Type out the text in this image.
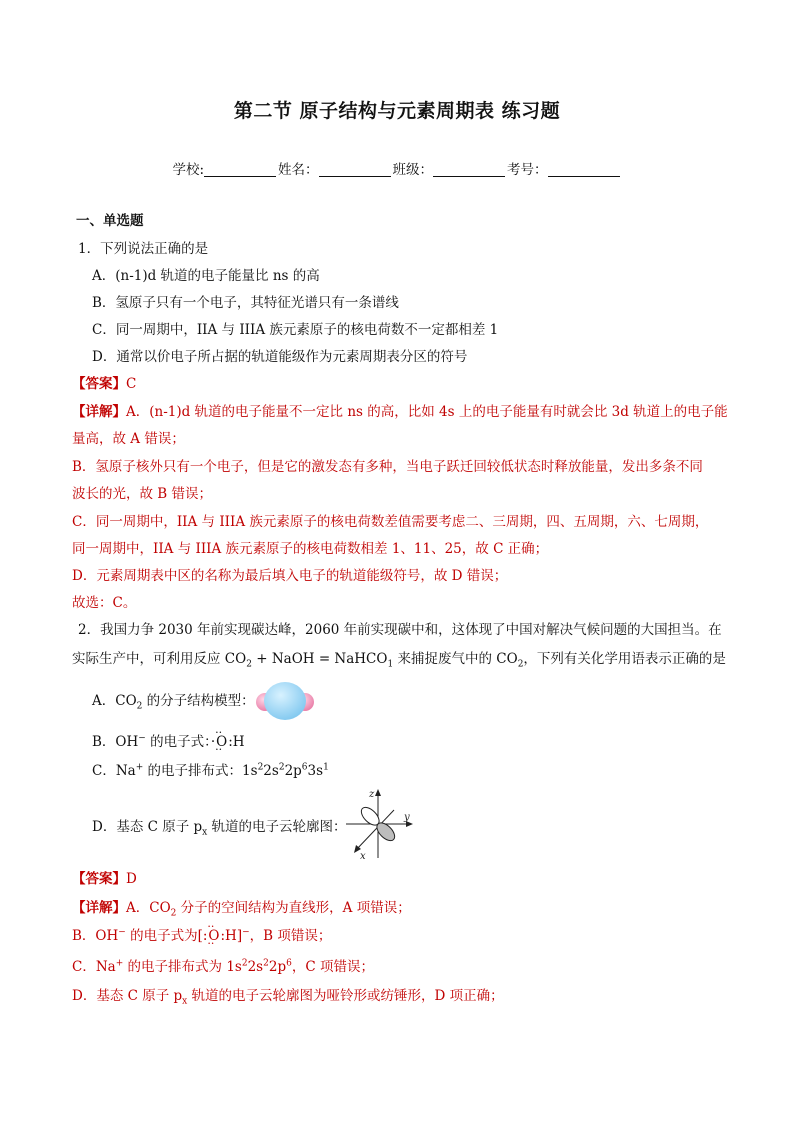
第二节 原子结构与元素周期表 练习题
学校:	姓名：	班级：	考号：
一、单选题
1．下列说法正确的是
A．(n-1)d 轨道的电子能量比 ns 的高
B．氢原子只有一个电子，其特征光谱只有一条谱线
C．同一周期中，IIA 与 IIIA 族元素原子的核电荷数不一定都相差 1
D．通常以价电子所占据的轨道能级作为元素周期表分区的符号
【答案】C
【详解】A．(n-1)d 轨道的电子能量不一定比 ns 的高，比如 4s 上的电子能量有时就会比 3d 轨道上的电子能
量高，故 A 错误；
B．氢原子核外只有一个电子，但是它的激发态有多种，当电子跃迁回较低状态时释放能量，发出多条不同
波长的光，故 B 错误；
C．同一周期中，IIA 与 IIIA 族元素原子的核电荷数差值需要考虑二、三周期，四、五周期，六、七周期，
同一周期中，IIA 与 IIIA 族元素原子的核电荷数相差 1、11、25，故 C 正确；
D．元素周期表中区的名称为最后填入电子的轨道能级符号，故 D 错误；
故选：C。
2．我国力争 2030 年前实现碳达峰，2060 年前实现碳中和，这体现了中国对解决气候问题的大国担当。在
实际生产中，可利用反应 $CO_2$ + NaOH = NaHCO$_1$ 来捕捉废气中的 $CO_2$，下列有关化学用语表示正确的是
A．$CO_2$ 的分子结构模型：
B．OH− 的电子式：··· O ··:H
C．Na+ 的电子排布式：$1s^22s^22p^63s^1$
D．基态 C 原子 $p_x$ 轨道的电子云轮廓图：
z
y
x
【答案】D
【详解】A．$CO_2$ 分子的空间结构为直线形，A 项错误；
B．OH− 的电子式为[:·· O ··:H]−，B 项错误；
C．Na+ 的电子排布式为 $1s^22s^22p^6$，C 项错误；
D．基态 C 原子 $p_x$ 轨道的电子云轮廓图为哑铃形或纺锤形，D 项正确；
